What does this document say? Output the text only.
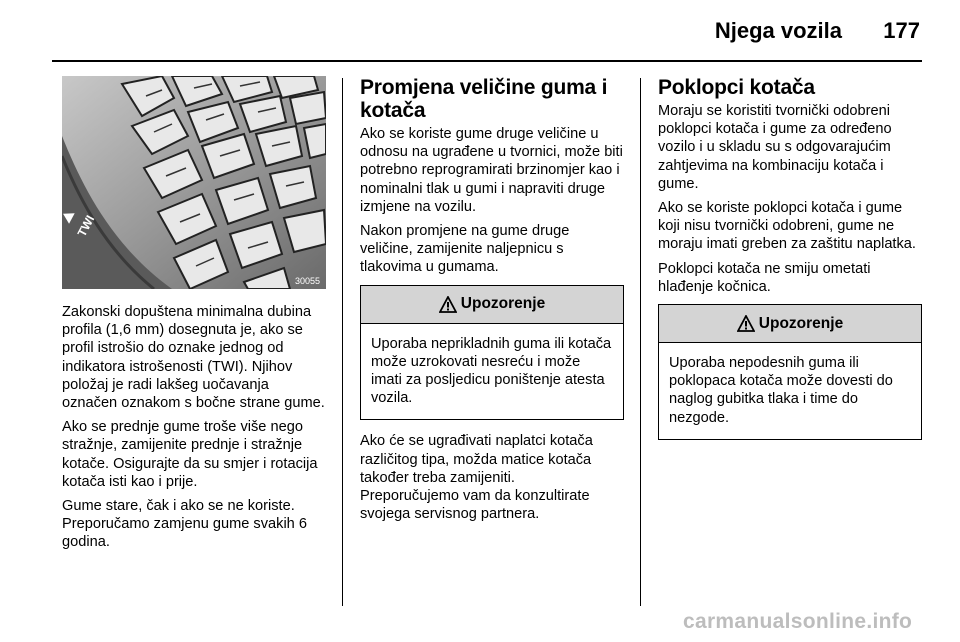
Njega vozila 177
TWI
30055

Zakonski dopuštena minimalna dubina profila (1,6 mm) dosegnuta je, ako se profil istrošio do oznake jednog od indikatora istrošenosti (TWI). Njihov položaj je radi lakšeg uočavanja označen oznakom s bočne strane gume.

Ako se prednje gume troše više nego stražnje, zamijenite prednje i stražnje kotače. Osigurajte da su smjer i rotacija kotača isti kao i prije.

Gume stare, čak i ako se ne koriste. Preporučamo zamjenu gume svakih 6 godina.

Promjena veličine guma i kotača

Ako se koriste gume druge veličine u odnosu na ugrađene u tvornici, može biti potrebno reprogramirati brzinomjer kao i nominalni tlak u gumi i napraviti druge izmjene na vozilu.

Nakon promjene na gume druge veličine, zamijenite naljepnicu s tlakovima u gumama.

Upozorenje
Uporaba neprikladnih guma ili kotača može uzrokovati nesreću i može imati za posljedicu poništenje atesta vozila.

Ako će se ugrađivati naplatci kotača različitog tipa, možda matice kotača također treba zamijeniti.

Preporučujemo vam da konzultirate svojega servisnog partnera.

Poklopci kotača

Moraju se koristiti tvornički odobreni poklopci kotača i gume za određeno vozilo i u skladu su s odgovarajućim zahtjevima na kombinaciju kotača i gume.

Ako se koriste poklopci kotača i gume koji nisu tvornički odobreni, gume ne moraju imati greben za zaštitu naplatka.

Poklopci kotača ne smiju ometati hlađenje kočnica.

Upozorenje
Uporaba nepodesnih guma ili poklopaca kotača može dovesti do naglog gubitka tlaka i time do nezgode.
carmanualsonline.info
